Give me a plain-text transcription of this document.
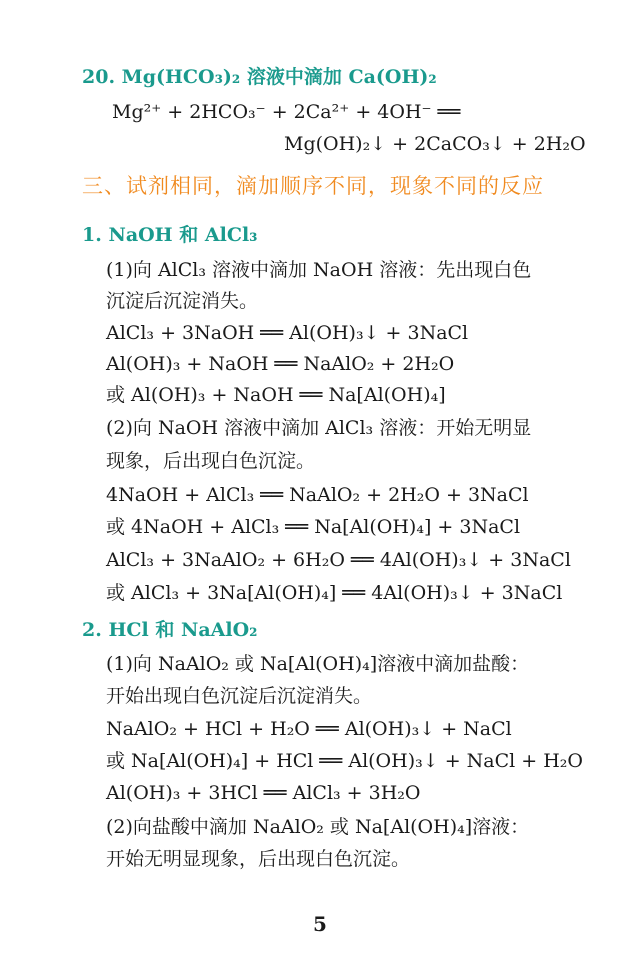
20. Mg(HCO₃)₂ 溶液中滴加 Ca(OH)₂
Mg²⁺ + 2HCO₃⁻ + 2Ca²⁺ + 4OH⁻ ══
Mg(OH)₂↓ + 2CaCO₃↓ + 2H₂O
三、试剂相同，滴加顺序不同，现象不同的反应
1. NaOH 和 AlCl₃
(1)向 AlCl₃ 溶液中滴加 NaOH 溶液：先出现白色
沉淀后沉淀消失。
AlCl₃ + 3NaOH ══ Al(OH)₃↓ + 3NaCl
Al(OH)₃ + NaOH ══ NaAlO₂ + 2H₂O
或 Al(OH)₃ + NaOH ══ Na[Al(OH)₄]
(2)向 NaOH 溶液中滴加 AlCl₃ 溶液：开始无明显
现象，后出现白色沉淀。
4NaOH + AlCl₃ ══ NaAlO₂ + 2H₂O + 3NaCl
或 4NaOH + AlCl₃ ══ Na[Al(OH)₄] + 3NaCl
AlCl₃ + 3NaAlO₂ + 6H₂O ══ 4Al(OH)₃↓ + 3NaCl
或 AlCl₃ + 3Na[Al(OH)₄] ══ 4Al(OH)₃↓ + 3NaCl
2. HCl 和 NaAlO₂
(1)向 NaAlO₂ 或 Na[Al(OH)₄]溶液中滴加盐酸：
开始出现白色沉淀后沉淀消失。
NaAlO₂ + HCl + H₂O ══ Al(OH)₃↓ + NaCl
或 Na[Al(OH)₄] + HCl ══ Al(OH)₃↓ + NaCl + H₂O
Al(OH)₃ + 3HCl ══ AlCl₃ + 3H₂O
(2)向盐酸中滴加 NaAlO₂ 或 Na[Al(OH)₄]溶液：
开始无明显现象，后出现白色沉淀。
5
